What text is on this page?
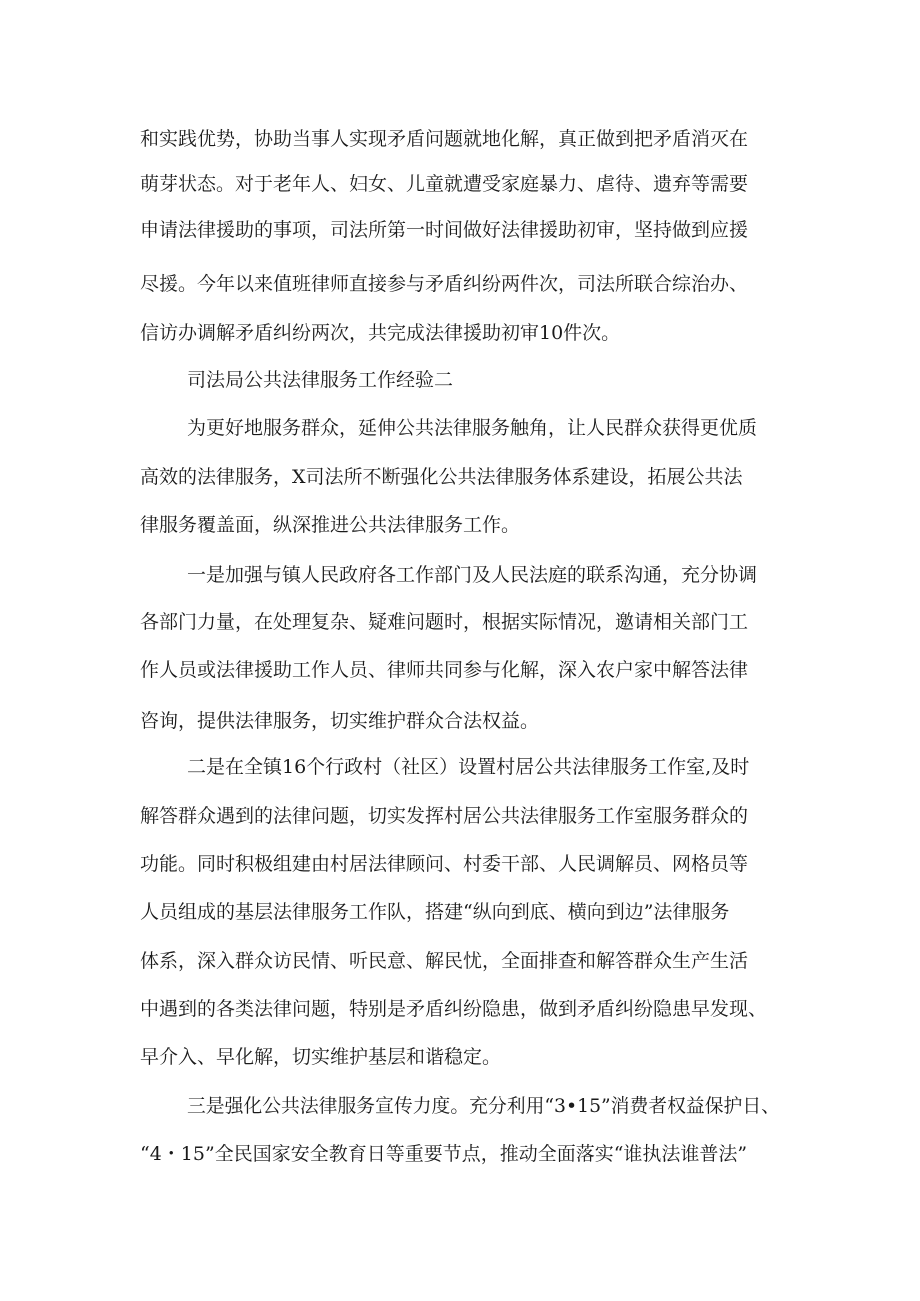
和实践优势，协助当事人实现矛盾问题就地化解，真正做到把矛盾消灭在
萌芽状态。对于老年人、妇女、儿童就遭受家庭暴力、虐待、遗弃等需要
申请法律援助的事项，司法所第一时间做好法律援助初审，坚持做到应援
尽援。今年以来值班律师直接参与矛盾纠纷两件次，司法所联合综治办、
信访办调解矛盾纠纷两次，共完成法律援助初审10件次。
司法局公共法律服务工作经验二
为更好地服务群众，延伸公共法律服务触角，让人民群众获得更优质
高效的法律服务，X司法所不断强化公共法律服务体系建设，拓展公共法
律服务覆盖面，纵深推进公共法律服务工作。
一是加强与镇人民政府各工作部门及人民法庭的联系沟通，充分协调
各部门力量，在处理复杂、疑难问题时，根据实际情况，邀请相关部门工
作人员或法律援助工作人员、律师共同参与化解，深入农户家中解答法律
咨询，提供法律服务，切实维护群众合法权益。
二是在全镇16个行政村（社区）设置村居公共法律服务工作室,及时
解答群众遇到的法律问题，切实发挥村居公共法律服务工作室服务群众的
功能。同时积极组建由村居法律顾问、村委干部、人民调解员、网格员等
人员组成的基层法律服务工作队，搭建“纵向到底、横向到边”法律服务
体系，深入群众访民情、听民意、解民忧，全面排查和解答群众生产生活
中遇到的各类法律问题，特别是矛盾纠纷隐患，做到矛盾纠纷隐患早发现、
早介入、早化解，切实维护基层和谐稳定。
三是强化公共法律服务宣传力度。充分利用“3•15”消费者权益保护日、
“4・15”全民国家安全教育日等重要节点，推动全面落实“谁执法谁普法”
